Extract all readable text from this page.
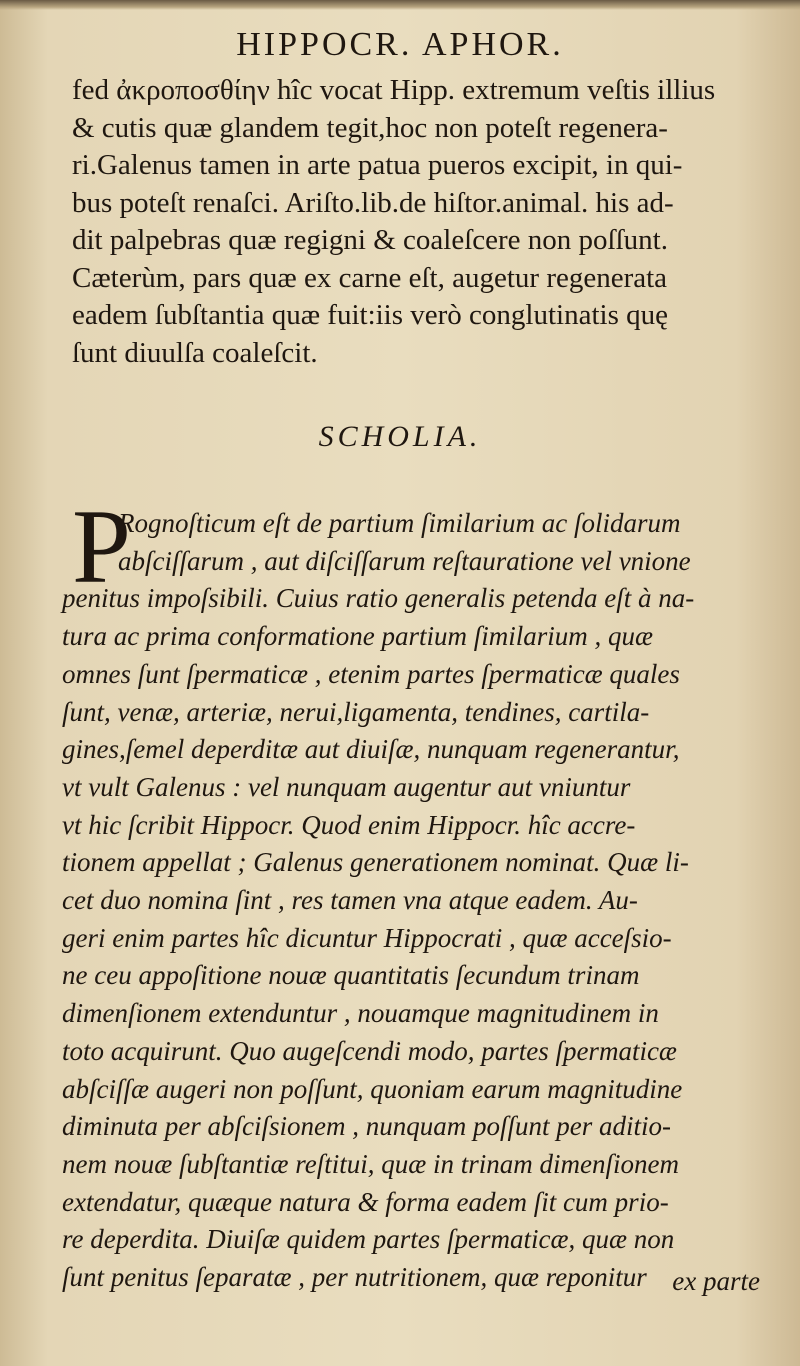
HIPPOCR. APHOR.
fed ἀκροποσθίην hîc vocat Hipp. extremum veſtis illius
& cutis quæ glandem tegit,hoc non poteſt regenera-
ri.Galenus tamen in arte patua pueros excipit, in qui-
bus poteſt renaſci. Ariſto.lib.de hiſtor.animal. his ad-
dit palpebras quæ regigni & coaleſcere non poſſunt.
Cæterùm, pars quæ ex carne eſt, augetur regenerata
eadem ſubſtantia quæ fuit:iis verò conglutinatis quę
ſunt diuulſa coaleſcit.
SCHOLIA.
P
Rognoſticum eſt de partium ſimilarium ac ſolidarum
abſciſſarum , aut diſciſſarum reſtauratione vel vnione
penitus impoſsibili. Cuius ratio generalis petenda eſt à na-
tura ac prima conformatione partium ſimilarium , quæ
omnes ſunt ſpermaticæ , etenim partes ſpermaticæ quales
ſunt, venæ, arteriæ, nerui,ligamenta, tendines, cartila-
gines,ſemel deperditæ aut diuiſæ, nunquam regenerantur,
vt vult Galenus : vel nunquam augentur aut vniuntur
vt hic ſcribit Hippocr. Quod enim Hippocr. hîc accre-
tionem appellat ; Galenus generationem nominat. Quæ li-
cet duo nomina ſint , res tamen vna atque eadem. Au-
geri enim partes hîc dicuntur Hippocrati , quæ acceſsio-
ne ceu appoſitione nouæ quantitatis ſecundum trinam
dimenſionem extenduntur , nouamque magnitudinem in
toto acquirunt. Quo augeſcendi modo, partes ſpermaticæ
abſciſſæ augeri non poſſunt, quoniam earum magnitudine
diminuta per abſciſsionem , nunquam poſſunt per aditio-
nem nouæ ſubſtantiæ reſtitui, quæ in trinam dimenſionem
extendatur, quæque natura & forma eadem ſit cum prio-
re deperdita. Diuiſæ quidem partes ſpermaticæ, quæ non
ſunt penitus ſeparatæ , per nutritionem, quæ reponitur ex parte
